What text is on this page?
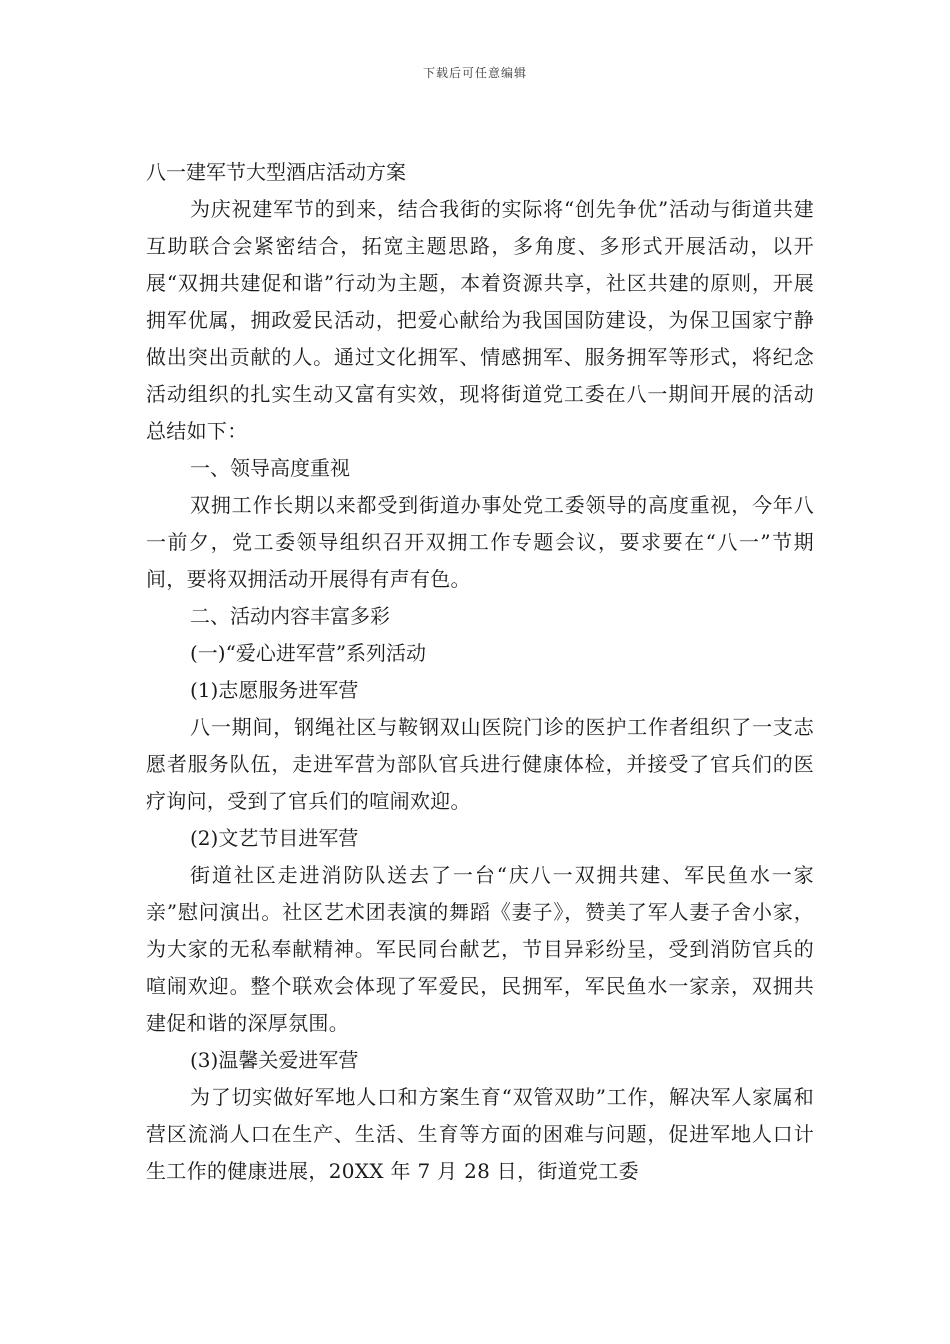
下载后可任意编辑

八一建军节大型酒店活动方案

为庆祝建军节的到来，结合我街的实际将“创先争优”活动与街道共建互助联合会紧密结合，拓宽主题思路，多角度、多形式开展活动，以开展“双拥共建促和谐”行动为主题，本着资源共享，社区共建的原则，开展拥军优属，拥政爱民活动，把爱心献给为我国国防建设，为保卫国家宁静做出突出贡献的人。通过文化拥军、情感拥军、服务拥军等形式，将纪念活动组织的扎实生动又富有实效，现将街道党工委在八一期间开展的活动总结如下：

一、领导高度重视

双拥工作长期以来都受到街道办事处党工委领导的高度重视，今年八一前夕，党工委领导组织召开双拥工作专题会议，要求要在“八一”节期间，要将双拥活动开展得有声有色。

二、活动内容丰富多彩

(一)“爱心进军营”系列活动

(1)志愿服务进军营

八一期间，钢绳社区与鞍钢双山医院门诊的医护工作者组织了一支志愿者服务队伍，走进军营为部队官兵进行健康体检，并接受了官兵们的医疗询问，受到了官兵们的喧闹欢迎。

(2)文艺节目进军营

街道社区走进消防队送去了一台“庆八一双拥共建、军民鱼水一家亲”慰问演出。社区艺术团表演的舞蹈《妻子》，赞美了军人妻子舍小家，为大家的无私奉献精神。军民同台献艺，节目异彩纷呈，受到消防官兵的喧闹欢迎。整个联欢会体现了军爱民，民拥军，军民鱼水一家亲，双拥共建促和谐的深厚氛围。

(3)温馨关爱进军营

为了切实做好军地人口和方案生育“双管双助”工作，解决军人家属和营区流淌人口在生产、生活、生育等方面的困难与问题，促进军地人口计生工作的健康进展，20XX 年 7 月 28 日，街道党工委
